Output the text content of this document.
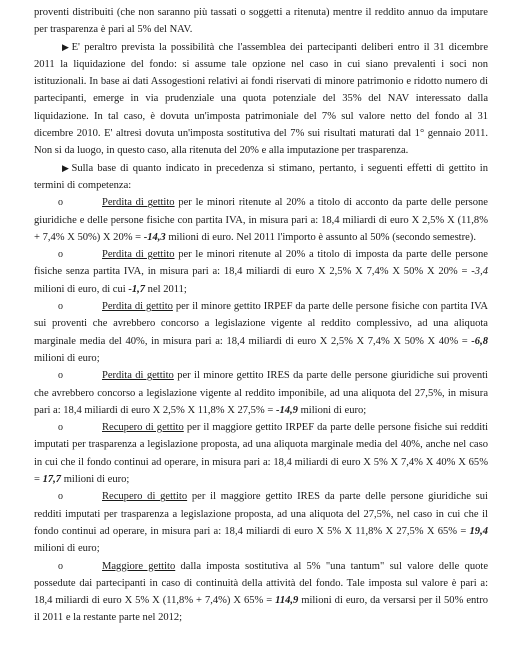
proventi distribuiti (che non saranno più tassati o soggetti a ritenuta) mentre il reddito annuo da imputare per trasparenza è pari al 5% del NAV.

▶E' peraltro prevista la possibilità che l'assemblea dei partecipanti deliberi entro il 31 dicembre 2011 la liquidazione del fondo: si assume tale opzione nel caso in cui siano prevalenti i soci non istituzionali. In base ai dati Assogestioni relativi ai fondi riservati di minore patrimonio e ridotto numero di partecipanti, emerge in via prudenziale una quota potenziale del 35% del NAV interessato dalla liquidazione. In tal caso, è dovuta un'imposta patrimoniale del 7% sul valore netto del fondo al 31 dicembre 2010. E' altresì dovuta un'imposta sostitutiva del 7% sui risultati maturati dal 1° gennaio 2011. Non si da luogo, in questo caso, alla ritenuta del 20% e alla imputazione per trasparenza.

▶Sulla base di quanto indicato in precedenza si stimano, pertanto, i seguenti effetti di gettito in termini di competenza:

o	Perdita di gettito per le minori ritenute al 20% a titolo di acconto da parte delle persone giuridiche e delle persone fisiche con partita IVA, in misura pari a: 18,4 miliardi di euro X 2,5% X (11,8% + 7,4% X 50%) X 20% = -14,3 milioni di euro. Nel 2011 l'importo è assunto al 50% (secondo semestre).

o	Perdita di gettito per le minori ritenute al 20% a titolo di imposta da parte delle persone fisiche senza partita IVA, in misura pari a: 18,4 miliardi di euro X 2,5% X 7,4% X 50% X 20% = -3,4 milioni di euro, di cui -1,7 nel 2011;

o	Perdita di gettito per il minore gettito IRPEF da parte delle persone fisiche con partita IVA sui proventi che avrebbero concorso a legislazione vigente al reddito complessivo, ad una aliquota marginale media del 40%, in misura pari a: 18,4 miliardi di euro X 2,5% X 7,4% X 50% X 40% = -6,8 milioni di euro;

o	Perdita di gettito per il minore gettito IRES da parte delle persone giuridiche sui proventi che avrebbero concorso a legislazione vigente al reddito imponibile, ad una aliquota del 27,5%, in misura pari a: 18,4 miliardi di euro X 2,5% X 11,8% X 27,5% = -14,9 milioni di euro;

o	Recupero di gettito per il maggiore gettito IRPEF da parte delle persone fisiche sui redditi imputati per trasparenza a legislazione proposta, ad una aliquota marginale media del 40%, anche nel caso in cui che il fondo continui ad operare, in misura pari a: 18,4 miliardi di euro X 5% X 7,4% X 40% X 65% = 17,7 milioni di euro;

o	Recupero di gettito per il maggiore gettito IRES da parte delle persone giuridiche sui redditi imputati per trasparenza a legislazione proposta, ad una aliquota del 27,5%, nel caso in cui che il fondo continui ad operare, in misura pari a: 18,4 miliardi di euro X 5% X 11,8% X 27,5% X 65% = 19,4 milioni di euro;

o	Maggiore gettito dalla imposta sostitutiva al 5% "una tantum" sul valore delle quote possedute dai partecipanti in caso di continuità della attività del fondo. Tale imposta sul valore è pari a: 18,4 miliardi di euro X 5% X (11,8% + 7,4%) X 65% = 114,9 milioni di euro, da versarsi per il 50% entro il 2011 e la restante parte nel 2012;
